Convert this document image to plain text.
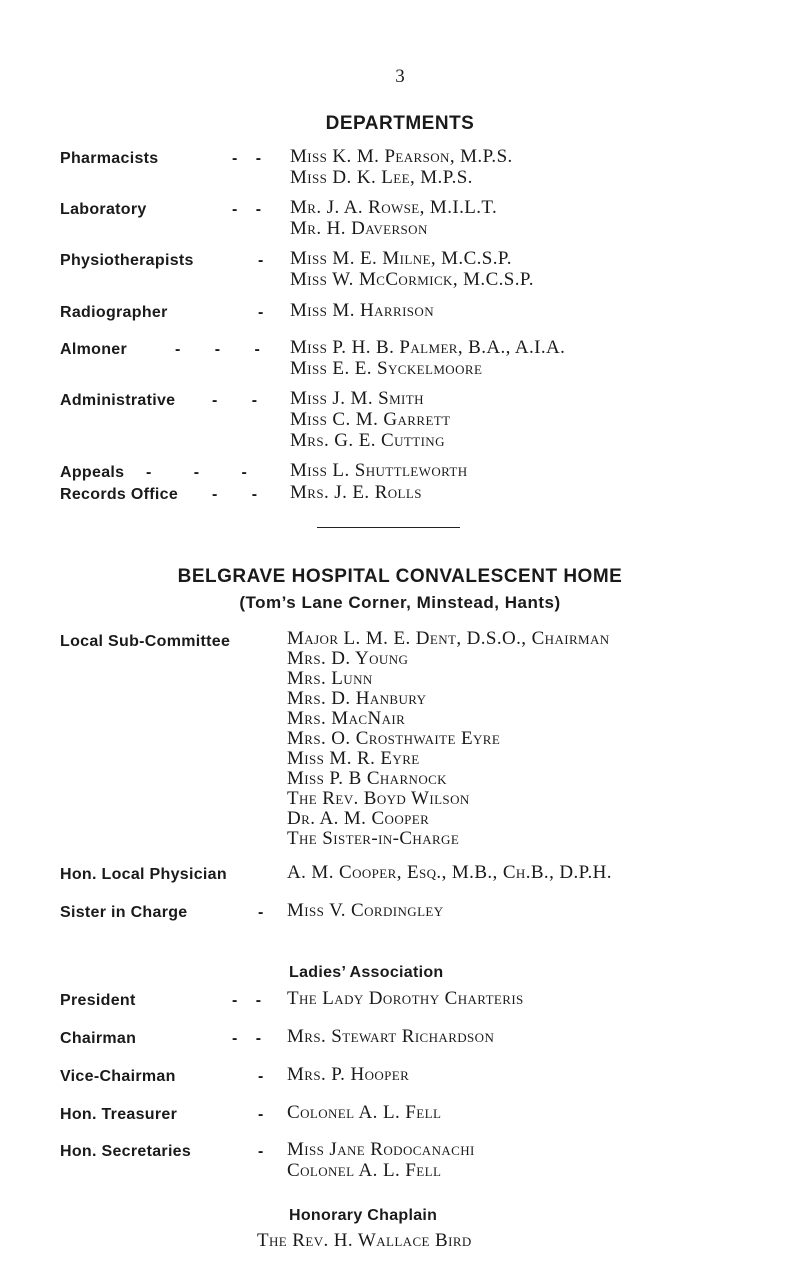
3
DEPARTMENTS
Pharmacists	- - Miss K. M. Pearson, M.P.S.
Miss D. K. Lee, M.P.S.
Laboratory	- - Mr. J. A. Rowse, M.I.L.T.
Mr. H. Daverson
Physiotherapists	- Miss M. E. Milne, M.C.S.P.
Miss W. McCormick, M.C.S.P.
Radiographer	- Miss M. Harrison
Almoner	- - - Miss P. H. B. Palmer, B.A., A.I.A.
Miss E. E. Syckelmoore
Administrative - - Miss J. M. Smith
Miss C. M. Garrett
Mrs. G. E. Cutting
Appeals - - - Miss L. Shuttleworth
Records Office - - Mrs. J. E. Rolls
BELGRAVE HOSPITAL CONVALESCENT HOME
(Tom’s Lane Corner, Minstead, Hants)
Local Sub-Committee	Major L. M. E. Dent, D.S.O., Chairman
Mrs. D. Young
Mrs. Lunn
Mrs. D. Hanbury
Mrs. MacNair
Mrs. O. Crosthwaite Eyre
Miss M. R. Eyre
Miss P. B Charnock
The Rev. Boyd Wilson
Dr. A. M. Cooper
The Sister-in-Charge
Hon. Local Physician	A. M. Cooper, Esq., M.B., Ch.B., D.P.H.
Sister in Charge	- Miss V. Cordingley
Ladies’ Association
President	- - The Lady Dorothy Charteris
Chairman	- - Mrs. Stewart Richardson
Vice-Chairman	- Mrs. P. Hooper
Hon. Treasurer	- Colonel A. L. Fell
Hon. Secretaries	- Miss Jane Rodocanachi
Colonel A. L. Fell
Honorary Chaplain
The Rev. H. Wallace Bird
